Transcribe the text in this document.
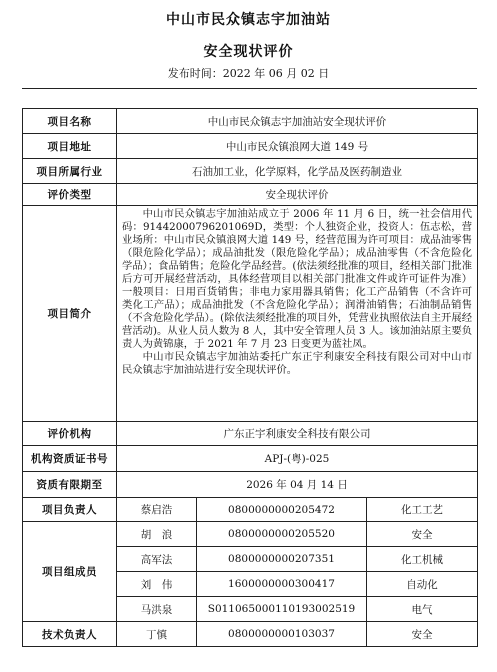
中山市民众镇志宇加油站
安全现状评价
发布时间：2022 年 06 月 02 日
项目名称	中山市民众镇志宇加油站安全现状评价		
项目地址	中山市民众镇浪网大道 149 号		
项目所属行业	石油加工业，化学原料，化学品及医药制造业		
评价类型	安全现状评价		
项目简介	中山市民众镇志宇加油站成立于 2006 年 11 月 6 日，统一社会信用代码：91442000796201069D，类型：个人独资企业，投资人：伍志松，营业场所：中山市民众镇浪网大道 149 号，经营范围为许可项目：成品油零售（限危险化学品）；成品油批发（限危险化学品）；成品油零售（不含危险化学品）；食品销售；危险化学品经营。(依法须经批准的项目，经相关部门批准后方可开展经营活动，具体经营项目以相关部门批准文件或许可证件为准）一般项目：日用百货销售；非电力家用器具销售；化工产品销售（不含许可类化工产品）；成品油批发（不含危险化学品）；润滑油销售；石油制品销售（不含危险化学品）。(除依法须经批准的项目外，凭营业执照依法自主开展经营活动)。从业人员人数为 8 人，其中安全管理人员 3 人。该加油站原主要负责人为黄锦康，于 2021 年 7 月 23 日变更为蓝社凤。

中山市民众镇志宇加油站委托广东正宇利康安全科技有限公司对中山市民众镇志宇加油站进行安全现状评价。		

评价机构	广东正宇利康安全科技有限公司		
机构资质证书号	APJ-(粤)-025		
资质有限期至	2026 年 04 月 14 日		
项目负责人	蔡启浩	0800000000205472	化工工艺
项目组成员	胡　浪	0800000000205520	安全
	高军法	0800000000207351	化工机械
	刘　伟	1600000000300417	自动化
	马洪泉	S011065000110193002519	电气
技术负责人	丁慎	0800000000103037	安全
